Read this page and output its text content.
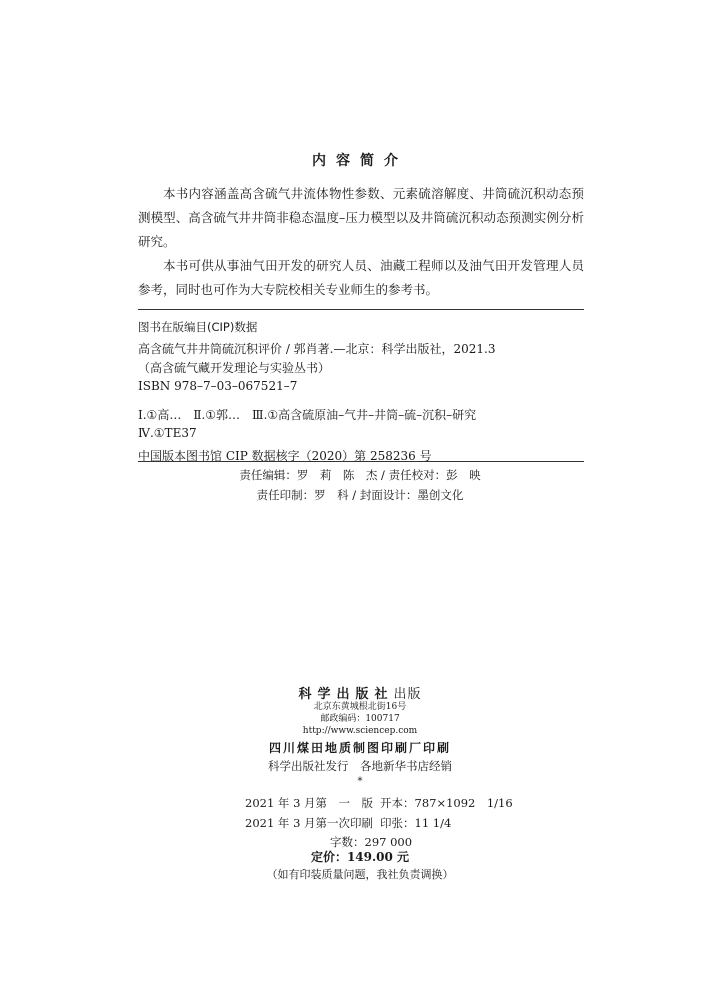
内容简介

本书内容涵盖高含硫气井流体物性参数、元素硫溶解度、井筒硫沉积动态预测模型、高含硫气井井筒非稳态温度–压力模型以及井筒硫沉积动态预测实例分析研究。

本书可供从事油气田开发的研究人员、油藏工程师以及油气田开发管理人员参考，同时也可作为大专院校相关专业师生的参考书。

图书在版编目(CIP)数据
高含硫气井井筒硫沉积评价 / 郭肖著.—北京：科学出版社，2021.3
（高含硫气藏开发理论与实验丛书）
ISBN 978–7–03–067521–7
Ⅰ.①高…　Ⅱ.①郭…　Ⅲ.①高含硫原油–气井–井筒–硫–沉积–研究
Ⅳ.①TE37
中国版本图书馆 CIP 数据核字（2020）第 258236 号
责任编辑：罗　莉　陈　杰 / 责任校对：彭　映
责任印制：罗　科 / 封面设计：墨创文化
科学出版社出版
北京东黄城根北街16号
邮政编码：100717
http://www.sciencep.com
四川煤田地质制图印刷厂印刷
科学出版社发行　各地新华书店经销
*
2021 年 3 月第　一　版 开本：787×1092　1/16
2021 年 3 月第一次印刷 印张：11 1/4
字数：297 000
定价：149.00 元
（如有印装质量问题，我社负责调换）
